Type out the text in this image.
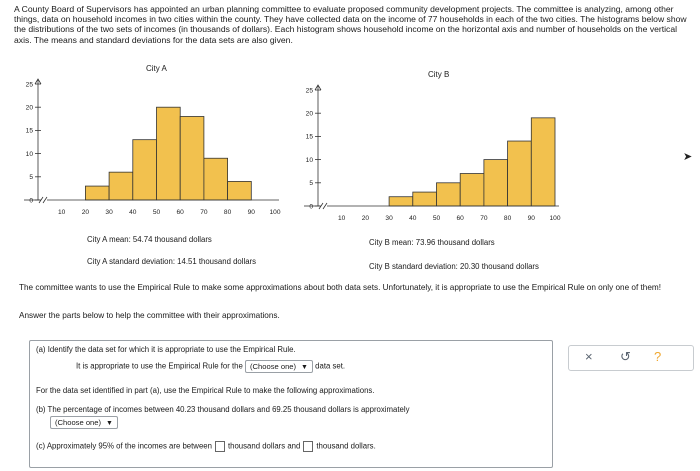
A County Board of Supervisors has appointed an urban planning committee to evaluate proposed community development projects. The committee is analyzing, among other things, data on household incomes in two cities within the county. They have collected data on the income of 77 households in each of the two cities. The histograms below show the distributions of the two sets of incomes (in thousands of dollars). Each histogram shows household income on the horizontal axis and number of households on the vertical axis. The means and standard deviations for the data sets are also given.

City A
City B
0
5
10
15
20
25
10 20 30 40 50 60 70 80 90 100
0
5
10
15
20
25
10 20 30 40 50 60 70 80 90 100
City A mean: 54.74 thousand dollars
City A standard deviation: 14.51 thousand dollars
City B mean: 73.96 thousand dollars
City B standard deviation: 20.30 thousand dollars

The committee wants to use the Empirical Rule to make some approximations about both data sets. Unfortunately, it is appropriate to use the Empirical Rule on only one of them!

Answer the parts below to help the committee with their approximations.

(a) Identify the data set for which it is appropriate to use the Empirical Rule.
It is appropriate to use the Empirical Rule for the (Choose one) ▼ data set.
For the data set identified in part (a), use the Empirical Rule to make the following approximations.
(b) The percentage of incomes between 40.23 thousand dollars and 69.25 thousand dollars is approximately
(Choose one) ▼
(c) Approximately 95% of the incomes are between thousand dollars and thousand dollars.
× ↺ ?
➤
